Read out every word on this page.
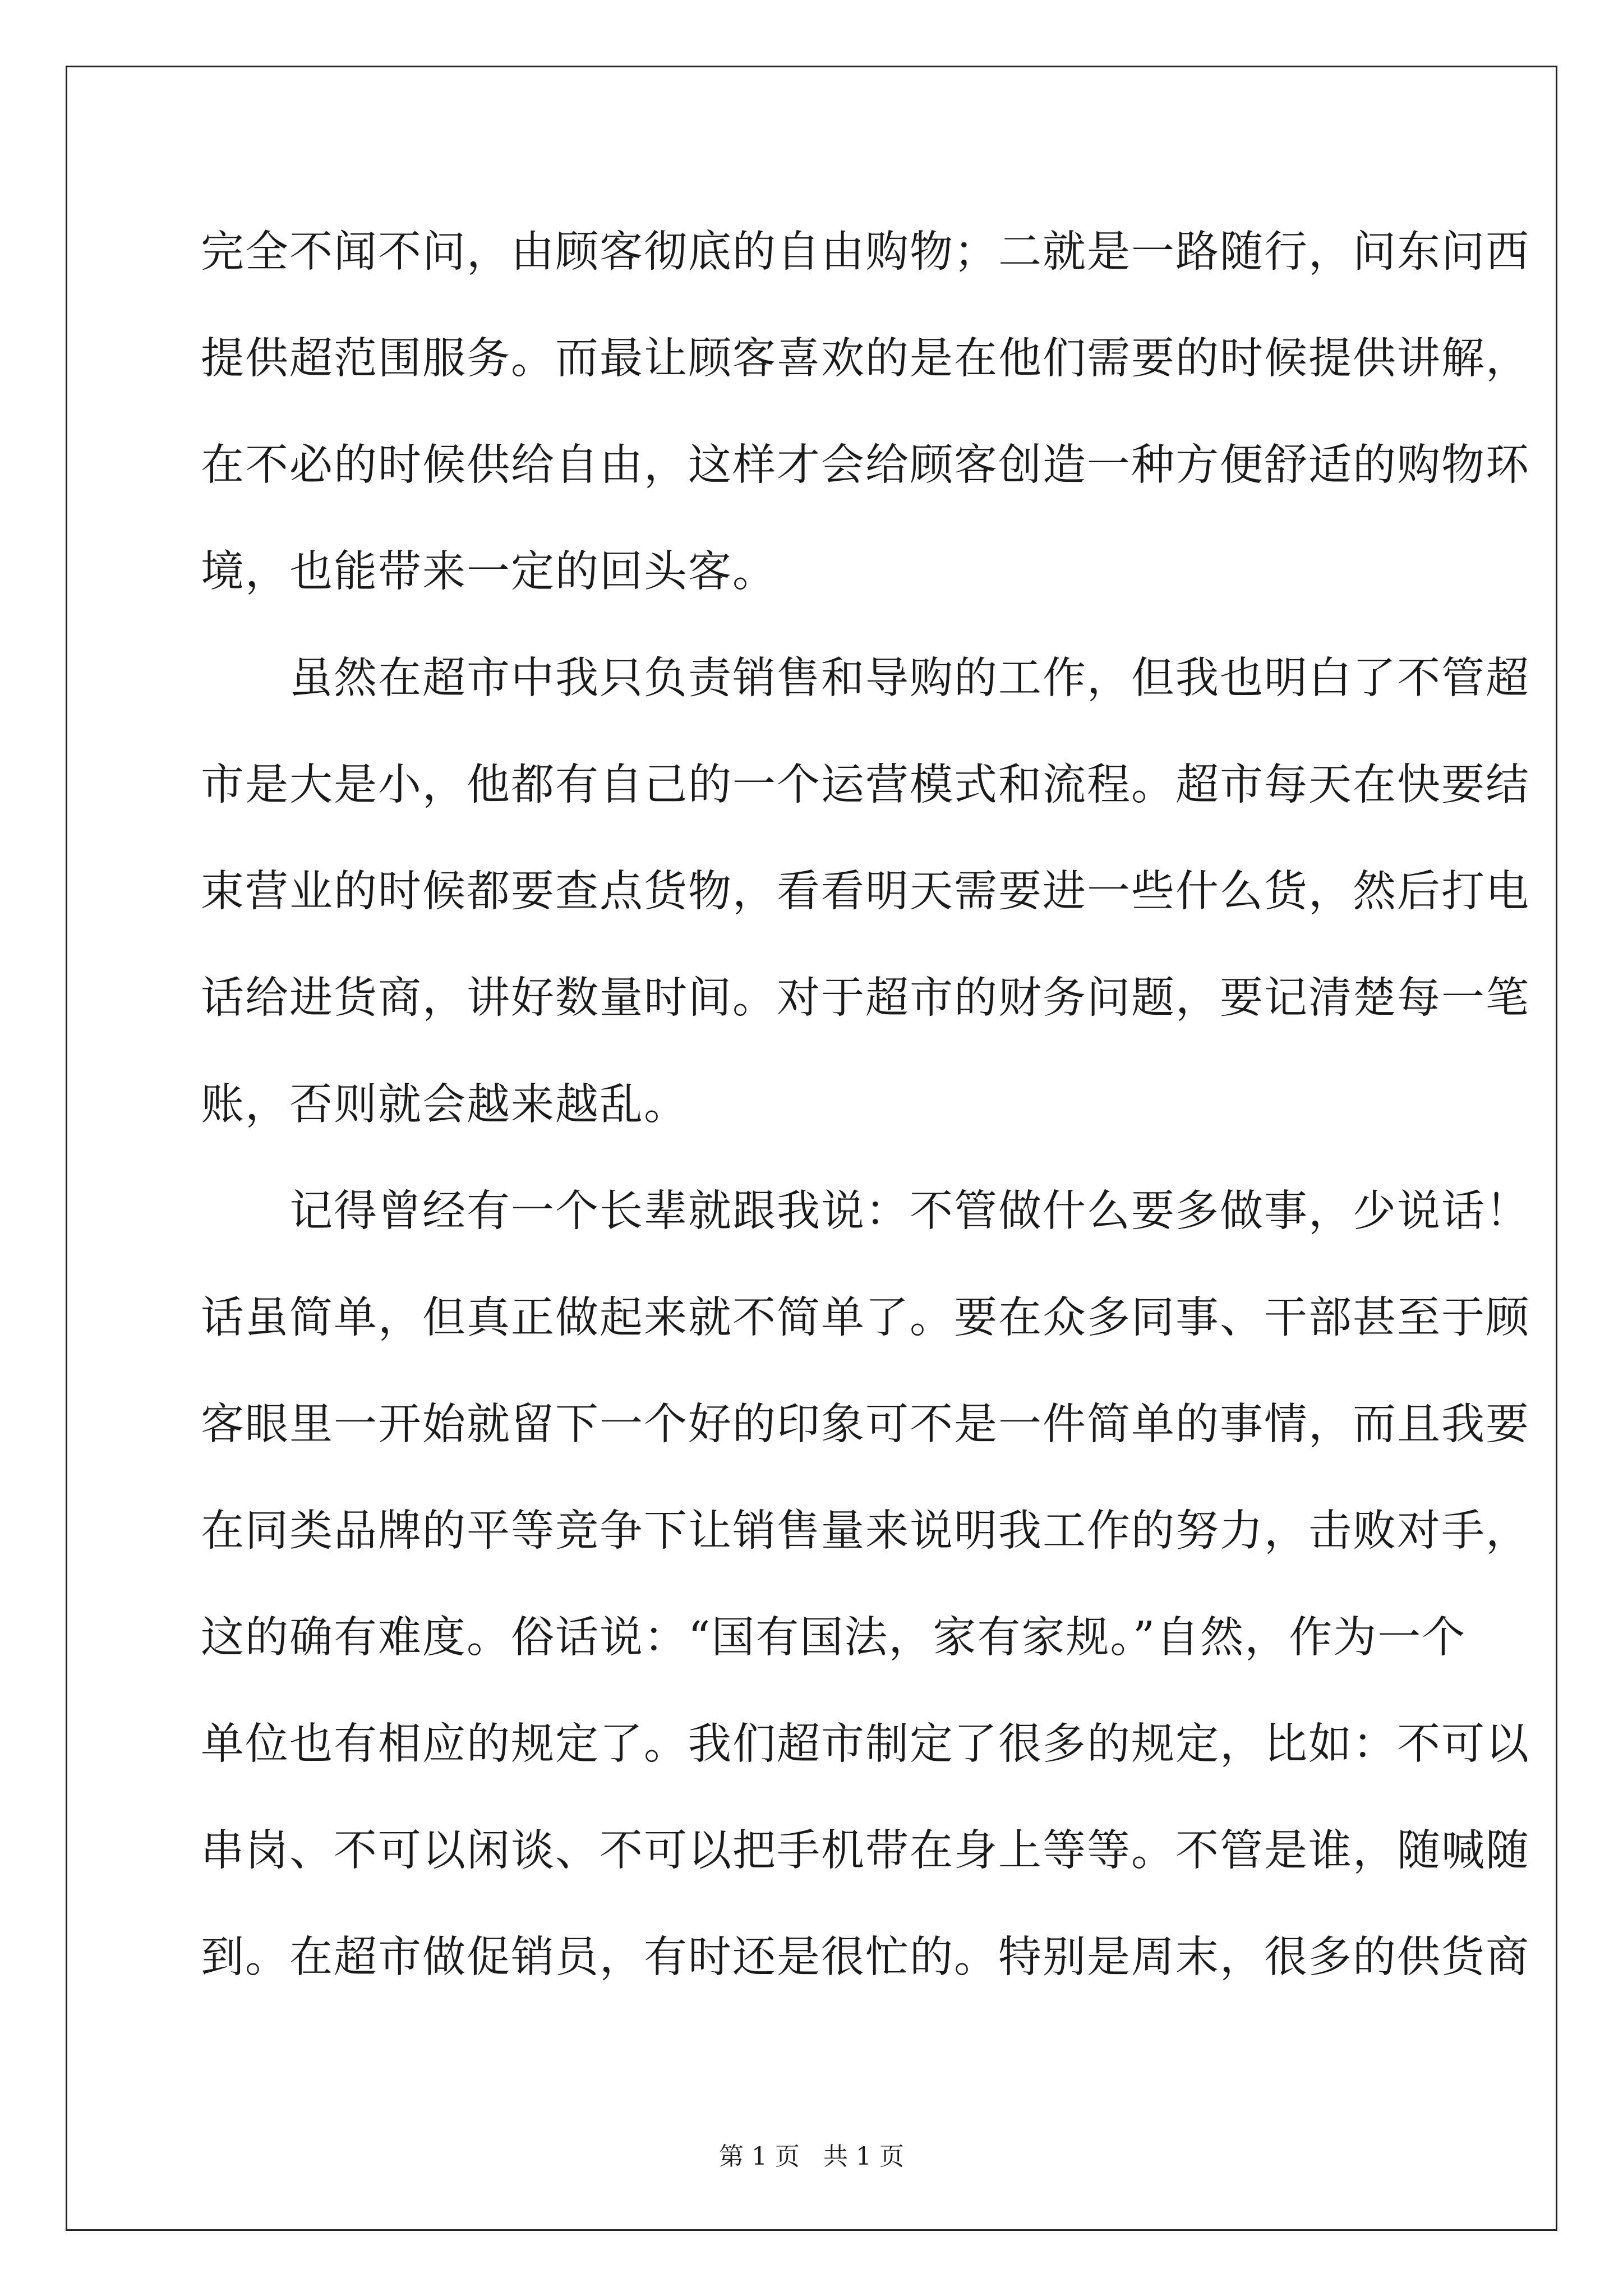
完全不闻不问，由顾客彻底的自由购物；二就是一路随行，问东问西
提供超范围服务。而最让顾客喜欢的是在他们需要的时候提供讲解，
在不必的时候供给自由，这样才会给顾客创造一种方便舒适的购物环
境，也能带来一定的回头客。
　　虽然在超市中我只负责销售和导购的工作，但我也明白了不管超
市是大是小，他都有自己的一个运营模式和流程。超市每天在快要结
束营业的时候都要查点货物，看看明天需要进一些什么货，然后打电
话给进货商，讲好数量时间。对于超市的财务问题，要记清楚每一笔
账，否则就会越来越乱。
　　记得曾经有一个长辈就跟我说：不管做什么要多做事，少说话！
话虽简单，但真正做起来就不简单了。要在众多同事、干部甚至于顾
客眼里一开始就留下一个好的印象可不是一件简单的事情，而且我要
在同类品牌的平等竞争下让销售量来说明我工作的努力，击败对手，
这的确有难度。俗话说：“国有国法，家有家规。”自然，作为一个
单位也有相应的规定了。我们超市制定了很多的规定，比如：不可以
串岗、不可以闲谈、不可以把手机带在身上等等。不管是谁，随喊随
到。在超市做促销员，有时还是很忙的。特别是周末，很多的供货商
第 1 页   共 1 页
